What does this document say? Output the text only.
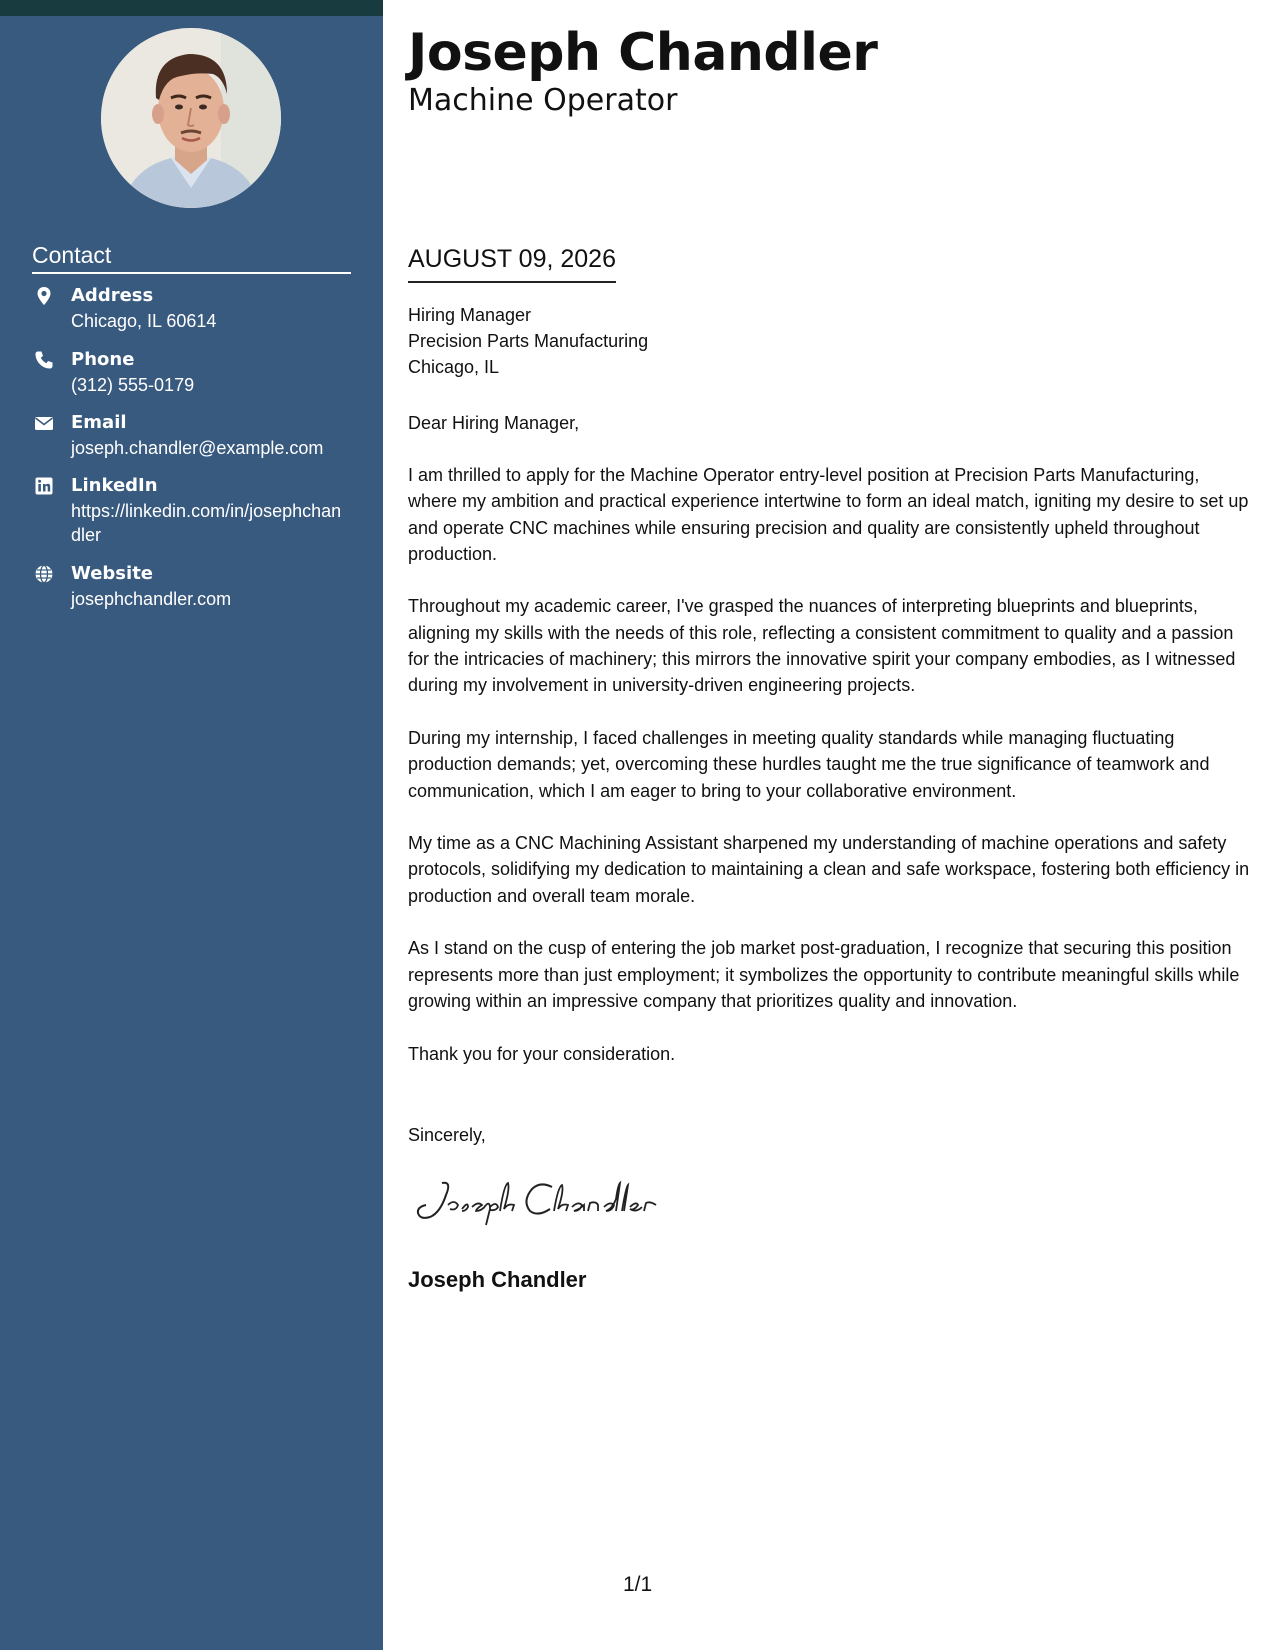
Contact
Address
Chicago, IL 60614
Phone
(312) 555-0179
Email
joseph.chandler@example.com
LinkedIn
https://linkedin.com/in/josephchandler
Website
josephchandler.com
Joseph Chandler
Machine Operator
AUGUST 09, 2026
Hiring Manager
Precision Parts Manufacturing
Chicago, IL
Dear Hiring Manager,

I am thrilled to apply for the Machine Operator entry-level position at Precision Parts Manufacturing, where my ambition and practical experience intertwine to form an ideal match, igniting my desire to set up and operate CNC machines while ensuring precision and quality are consistently upheld throughout production.

Throughout my academic career, I've grasped the nuances of interpreting blueprints and blueprints, aligning my skills with the needs of this role, reflecting a consistent commitment to quality and a passion for the intricacies of machinery; this mirrors the innovative spirit your company embodies, as I witnessed during my involvement in university-driven engineering projects.

During my internship, I faced challenges in meeting quality standards while managing fluctuating production demands; yet, overcoming these hurdles taught me the true significance of teamwork and communication, which I am eager to bring to your collaborative environment.

My time as a CNC Machining Assistant sharpened my understanding of machine operations and safety protocols, solidifying my dedication to maintaining a clean and safe workspace, fostering both efficiency in production and overall team morale.

As I stand on the cusp of entering the job market post-graduation, I recognize that securing this position represents more than just employment; it symbolizes the opportunity to contribute meaningful skills while growing within an impressive company that prioritizes quality and innovation.

Thank you for your consideration.

Sincerely,
Joseph Chandler
1/1
